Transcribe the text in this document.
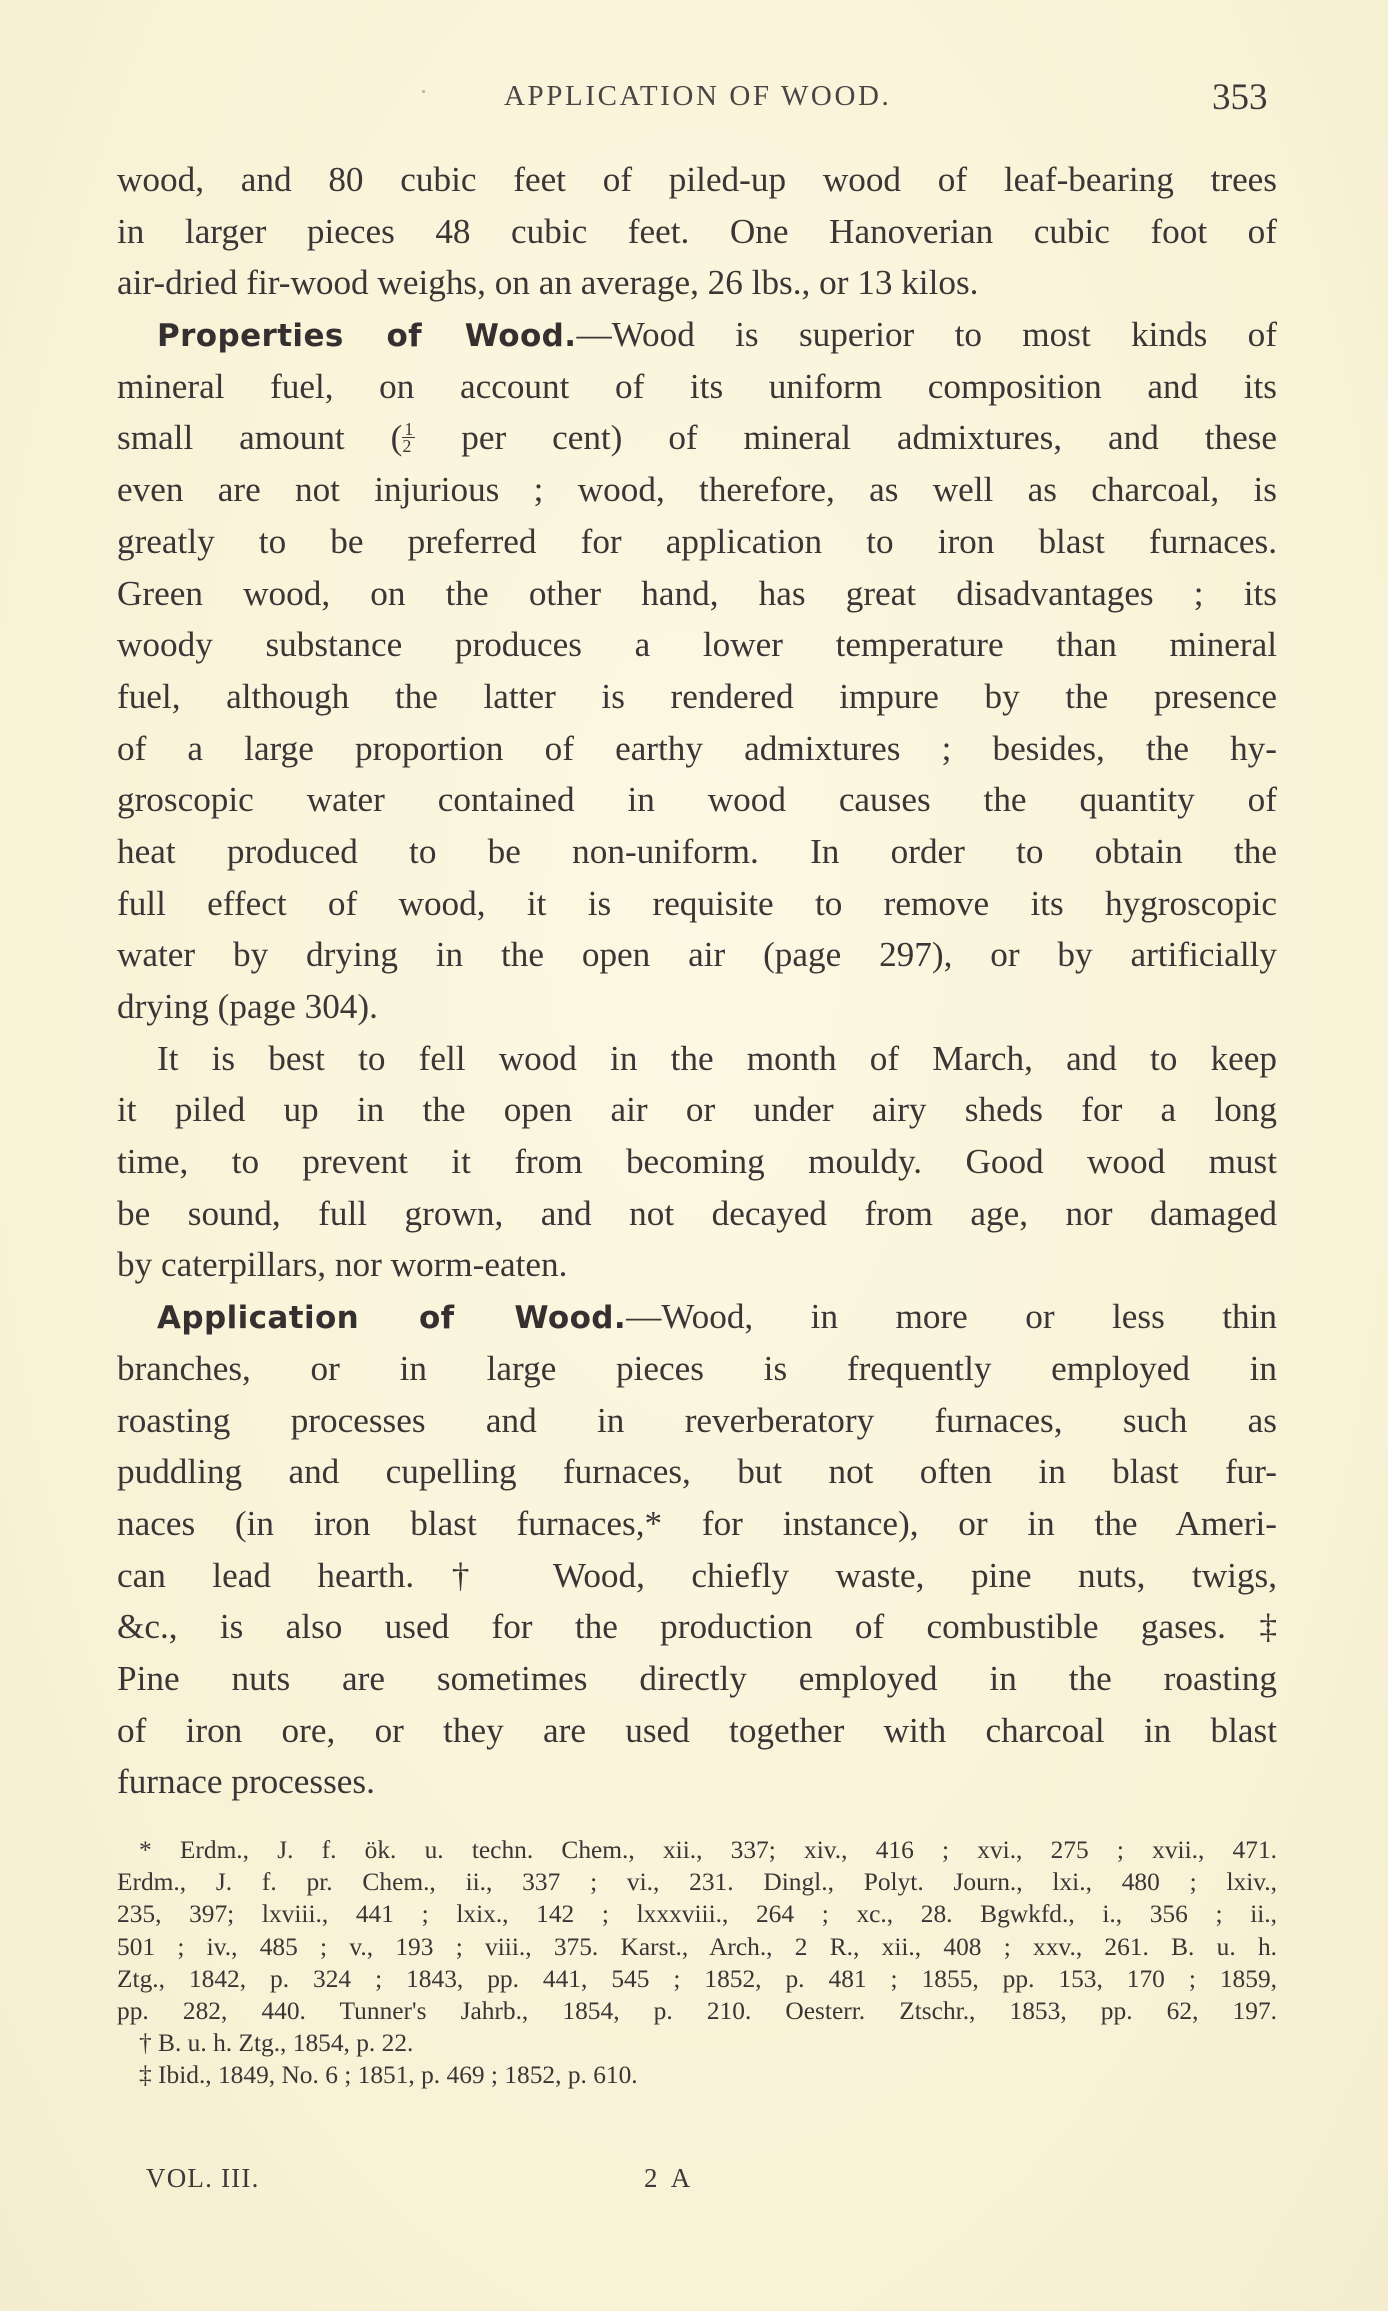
APPLICATION OF WOOD.	353
wood, and 80 cubic feet of piled-up wood of leaf-bearing trees
in larger pieces 48 cubic feet. One Hanoverian cubic foot of
air-dried fir-wood weighs, on an average, 26 lbs., or 13 kilos.
Properties of Wood.—Wood is superior to most kinds of
mineral fuel, on account of its uniform composition and its
small amount ( $\frac{1}{2}$ per cent) of mineral admixtures, and these
even are not injurious ; wood, therefore, as well as charcoal, is
greatly to be preferred for application to iron blast furnaces.
Green wood, on the other hand, has great disadvantages ; its
woody substance produces a lower temperature than mineral
fuel, although the latter is rendered impure by the presence
of a large proportion of earthy admixtures ; besides, the hy-
groscopic water contained in wood causes the quantity of
heat produced to be non-uniform. In order to obtain the
full effect of wood, it is requisite to remove its hygroscopic
water by drying in the open air (page 297), or by artificially
drying (page 304).
It is best to fell wood in the month of March, and to keep
it piled up in the open air or under airy sheds for a long
time, to prevent it from becoming mouldy. Good wood must
be sound, full grown, and not decayed from age, nor damaged
by caterpillars, nor worm-eaten.
Application of Wood.—Wood, in more or less thin
branches, or in large pieces is frequently employed in
roasting processes and in reverberatory furnaces, such as
puddling and cupelling furnaces, but not often in blast fur-
naces (in iron blast furnaces,* for instance), or in the Ameri-
can lead hearth.† Wood, chiefly waste, pine nuts, twigs,
&c., is also used for the production of combustible gases.‡
Pine nuts are sometimes directly employed in the roasting
of iron ore, or they are used together with charcoal in blast
furnace processes.
* Erdm., J. f. ök. u. techn. Chem., xii., 337; xiv., 416 ; xvi., 275 ; xvii., 471.
Erdm., J. f. pr. Chem., ii., 337 ; vi., 231. Dingl., Polyt. Journ., lxi., 480 ; lxiv.,
235, 397; lxviii., 441 ; lxix., 142 ; lxxxviii., 264 ; xc., 28. Bgwkfd., i., 356 ; ii.,
501 ; iv., 485 ; v., 193 ; viii., 375. Karst., Arch., 2 R., xii., 408 ; xxv., 261. B. u. h.
Ztg., 1842, p. 324 ; 1843, pp. 441, 545 ; 1852, p. 481 ; 1855, pp. 153, 170 ; 1859,
pp. 282, 440. Tunner's Jahrb., 1854, p. 210. Oesterr. Ztschr., 1853, pp. 62, 197.
† B. u. h. Ztg., 1854, p. 22.
‡ Ibid., 1849, No. 6 ; 1851, p. 469 ; 1852, p. 610.
VOL. III.	2 A
